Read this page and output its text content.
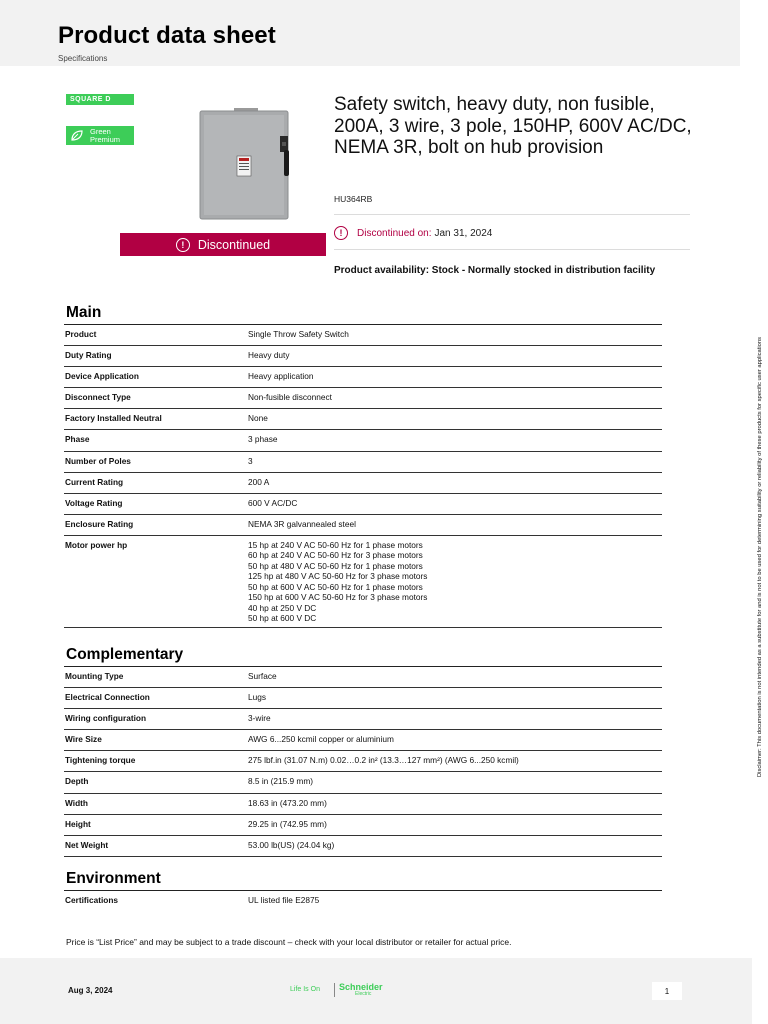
Product data sheet
Specifications
SQUARE D
Green
Premium
!	Discontinued
Safety switch, heavy duty, non fusible, 200A, 3 wire, 3 pole, 150HP, 600V AC/DC, NEMA 3R, bolt on hub provision
HU364RB
!	Discontinued on: Jan 31, 2024
Product availability: Stock - Normally stocked in distribution facility
Main
Product	Single Throw Safety Switch
Duty Rating	Heavy duty
Device Application	Heavy application
Disconnect Type	Non-fusible disconnect
Factory Installed Neutral	None
Phase	3 phase
Number of Poles	3
Current Rating	200 A
Voltage Rating	600 V AC/DC
Enclosure Rating	NEMA 3R galvannealed steel
Motor power hp	15 hp at 240 V AC 50-60 Hz for 1 phase motors
60 hp at 240 V AC 50-60 Hz for 3 phase motors
50 hp at 480 V AC 50-60 Hz for 1 phase motors
125 hp at 480 V AC 50-60 Hz for 3 phase motors
50 hp at 600 V AC 50-60 Hz for 1 phase motors
150 hp at 600 V AC 50-60 Hz for 3 phase motors
40 hp at 250 V DC
50 hp at 600 V DC
Complementary
Mounting Type	Surface
Electrical Connection	Lugs
Wiring configuration	3-wire
Wire Size	AWG 6...250 kcmil copper or aluminium
Tightening torque	275 lbf.in (31.07 N.m) 0.02…0.2 in² (13.3…127 mm²) (AWG 6...250 kcmil)
Depth	8.5 in (215.9 mm)
Width	18.63 in (473.20 mm)
Height	29.25 in (742.95 mm)
Net Weight	53.00 lb(US) (24.04 kg)
Environment
Certifications	UL listed file E2875
Price is “List Price” and may be subject to a trade discount – check with your local distributor or retailer for actual price.
Aug 3, 2024	Life Is On Schneider
Electric	1
Disclaimer: This documentation is not intended as a substitute for and is not to be used for determining suitability or reliability of these products for specific user applications
